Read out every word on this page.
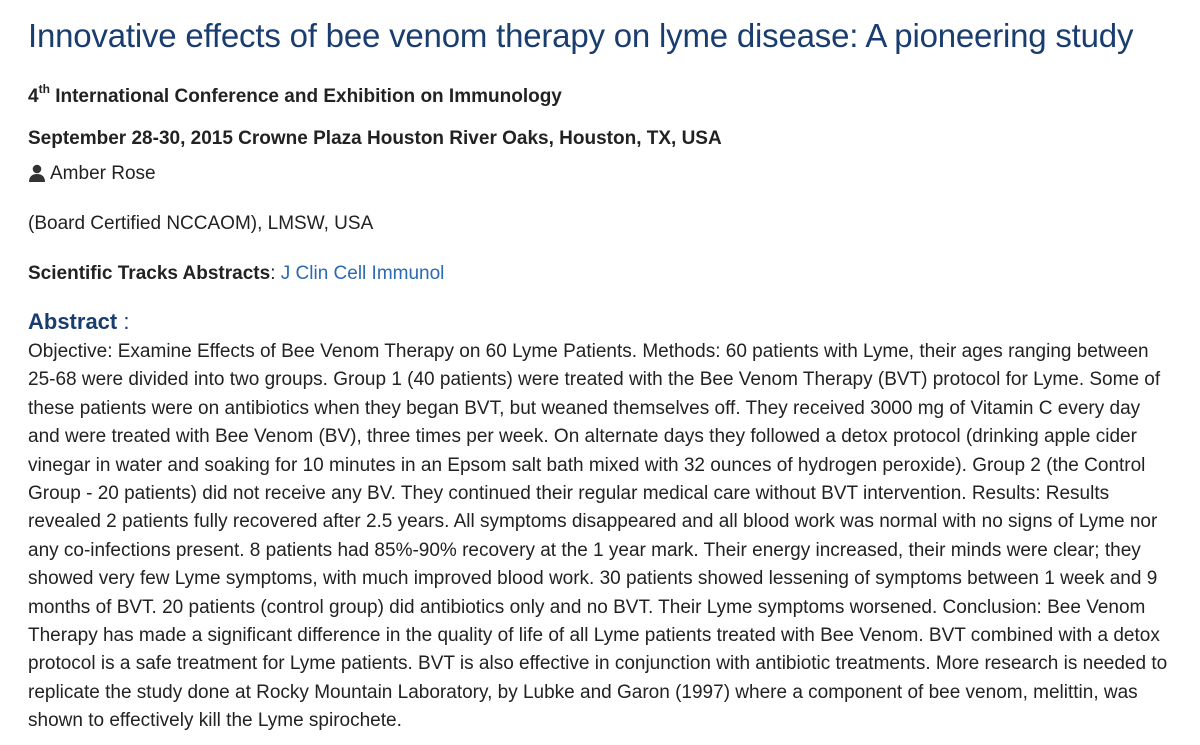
Innovative effects of bee venom therapy on lyme disease: A pioneering study
4th International Conference and Exhibition on Immunology
September 28-30, 2015 Crowne Plaza Houston River Oaks, Houston, TX, USA
Amber Rose
(Board Certified NCCAOM), LMSW, USA
Scientific Tracks Abstracts: J Clin Cell Immunol
Abstract :
Objective: Examine Effects of Bee Venom Therapy on 60 Lyme Patients. Methods: 60 patients with Lyme, their ages ranging between 25-68 were divided into two groups. Group 1 (40 patients) were treated with the Bee Venom Therapy (BVT) protocol for Lyme. Some of these patients were on antibiotics when they began BVT, but weaned themselves off. They received 3000 mg of Vitamin C every day and were treated with Bee Venom (BV), three times per week. On alternate days they followed a detox protocol (drinking apple cider vinegar in water and soaking for 10 minutes in an Epsom salt bath mixed with 32 ounces of hydrogen peroxide). Group 2 (the Control Group - 20 patients) did not receive any BV. They continued their regular medical care without BVT intervention. Results: Results revealed 2 patients fully recovered after 2.5 years. All symptoms disappeared and all blood work was normal with no signs of Lyme nor any co-infections present. 8 patients had 85%-90% recovery at the 1 year mark. Their energy increased, their minds were clear; they showed very few Lyme symptoms, with much improved blood work. 30 patients showed lessening of symptoms between 1 week and 9 months of BVT. 20 patients (control group) did antibiotics only and no BVT. Their Lyme symptoms worsened. Conclusion: Bee Venom Therapy has made a significant difference in the quality of life of all Lyme patients treated with Bee Venom. BVT combined with a detox protocol is a safe treatment for Lyme patients. BVT is also effective in conjunction with antibiotic treatments. More research is needed to replicate the study done at Rocky Mountain Laboratory, by Lubke and Garon (1997) where a component of bee venom, melittin, was shown to effectively kill the Lyme spirochete.
